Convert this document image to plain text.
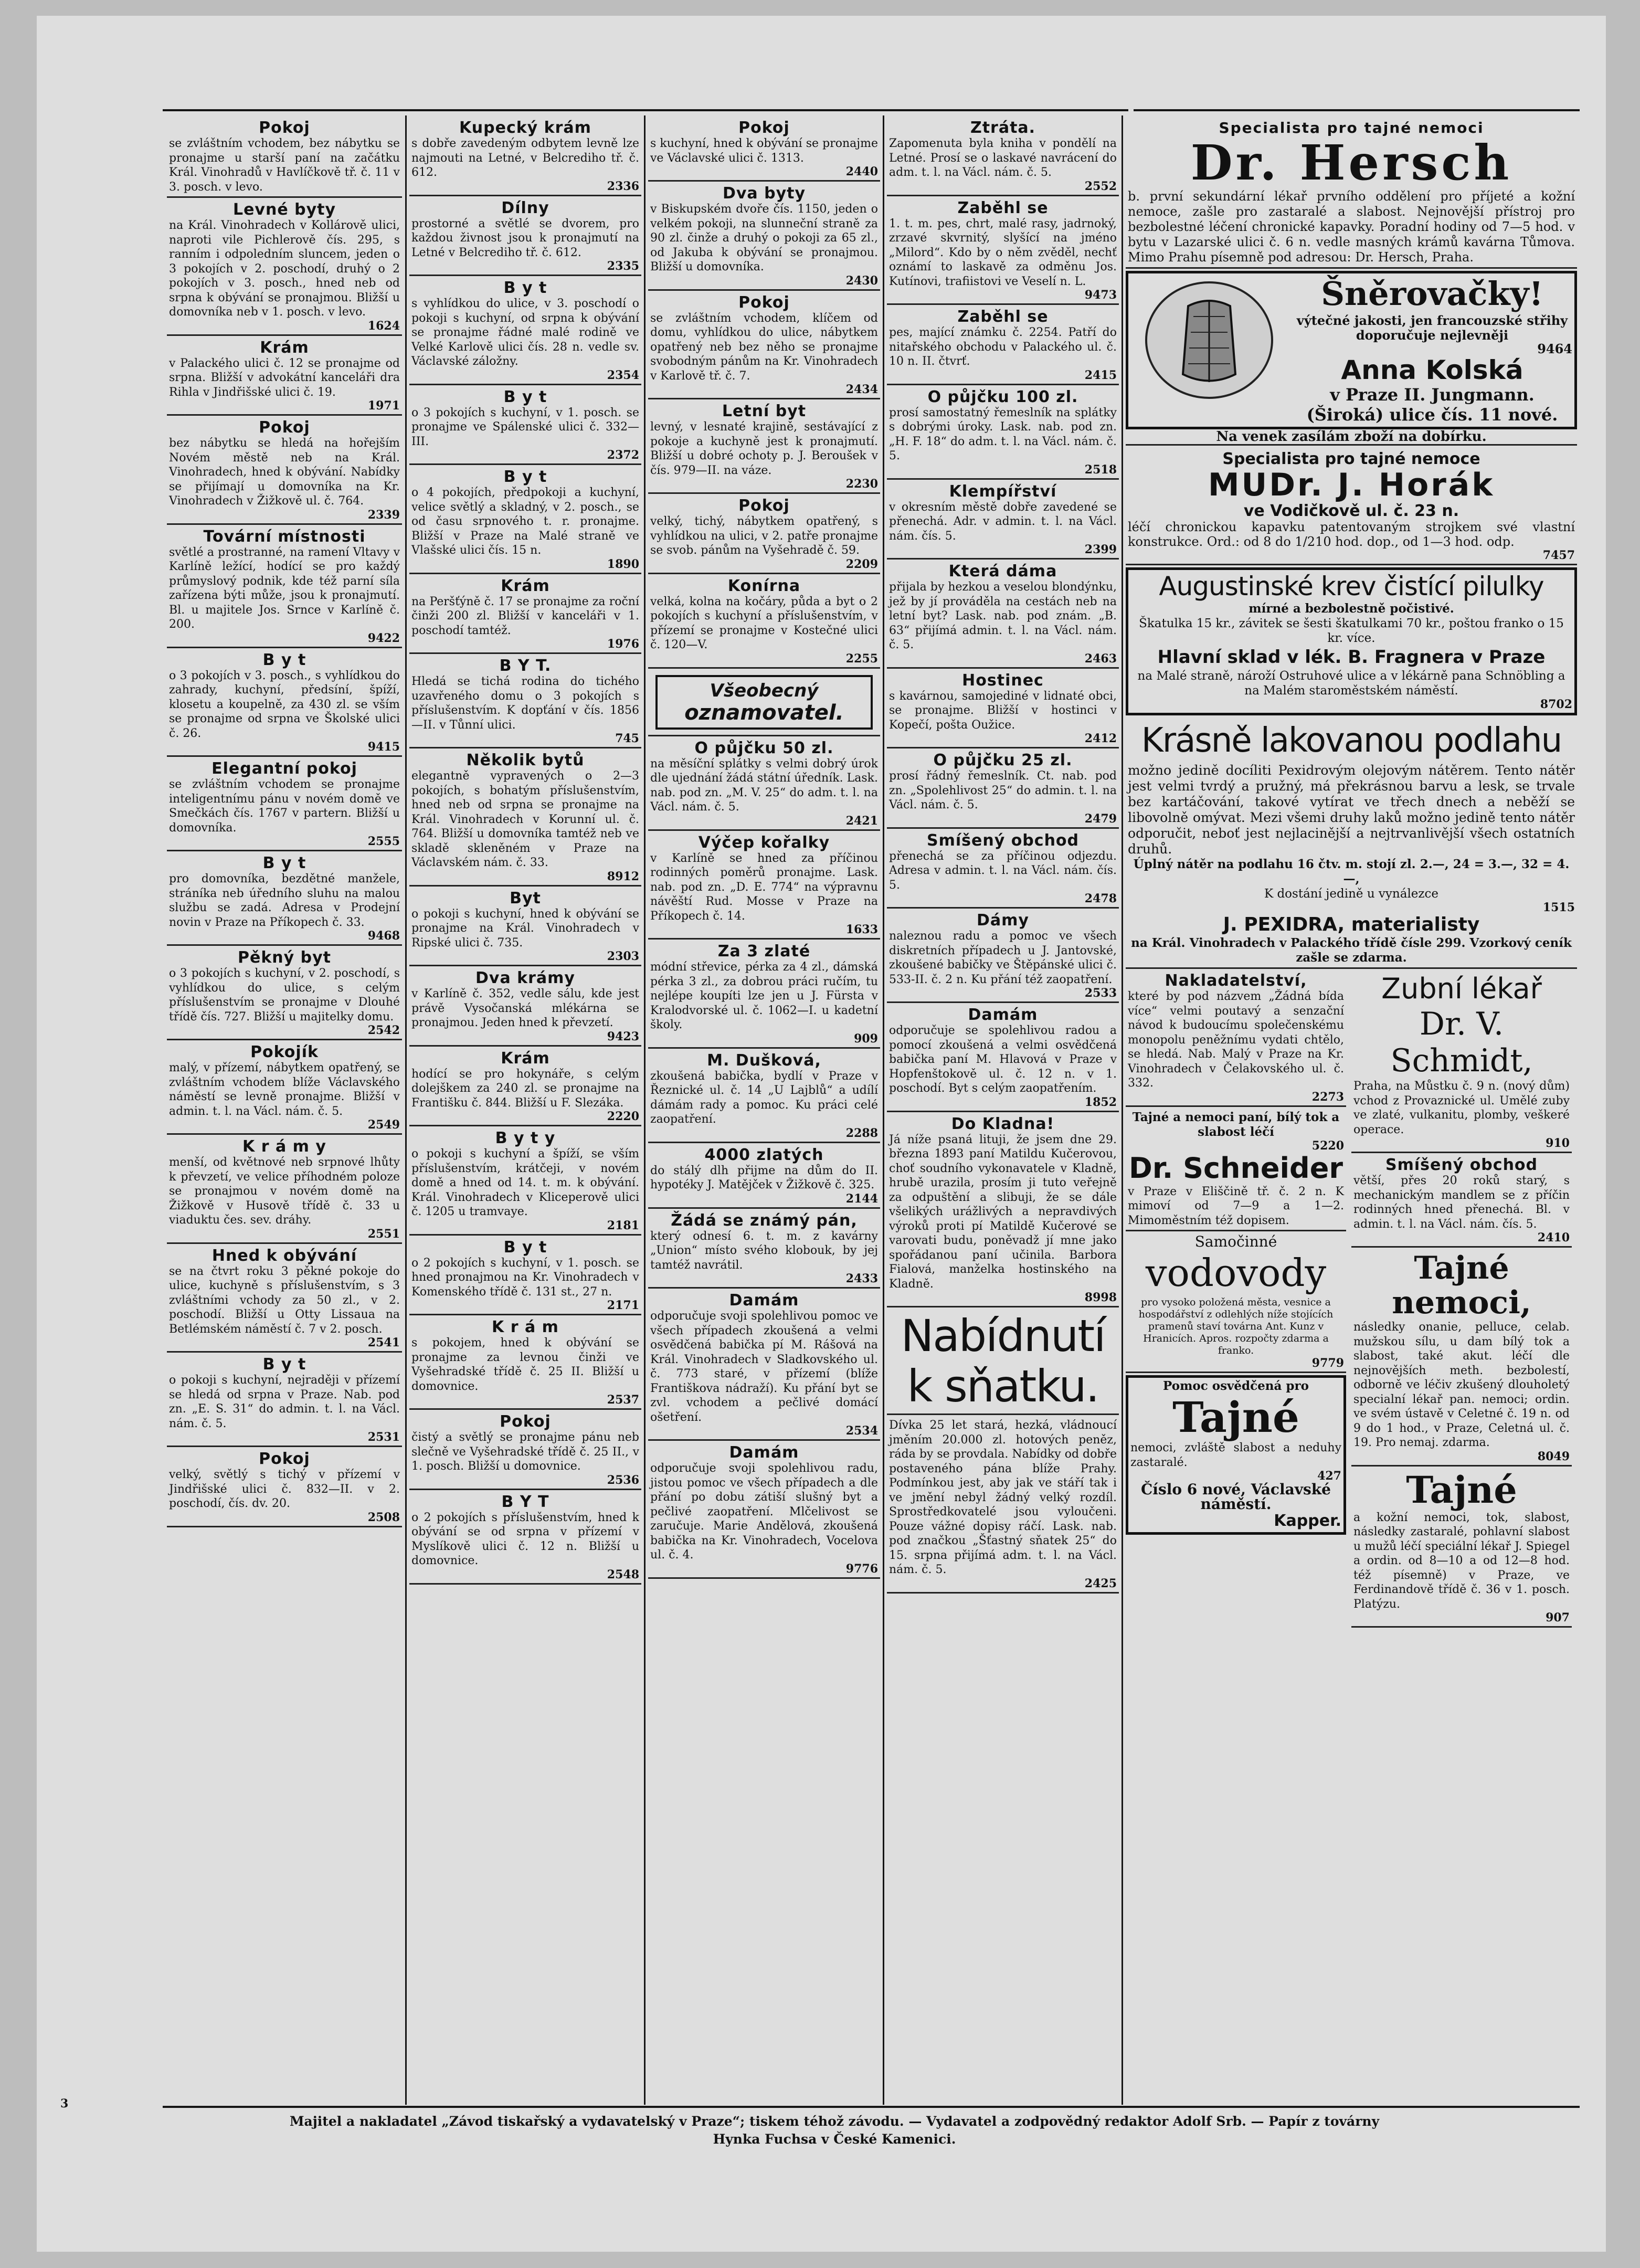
Pokoj

se zvláštním vchodem, bez nábytku se pronajme u starší paní na začátku Král. Vinohradů v Havlíčkově tř. č. 11 v 3. posch. v levo.

Levné byty

na Král. Vinohradech v Kollárově ulici, naproti vile Pichlerově čís. 295, s ranním i odpoledním sluncem, jeden o 3 pokojích v 2. poschodí, druhý o 2 pokojích v 3. posch., hned neb od srpna k obývání se pronajmou. Bližší u domovníka neb v 1. posch. v levo.

1624
Krám

v Palackého ulici č. 12 se pronajme od srpna. Bližší v advokátní kanceláři dra Rihla v Jindřišské ulici č. 19.

1971
Pokoj

bez nábytku se hledá na hořejším Novém městě neb na Král. Vinohradech, hned k obývání. Nabídky se přijímají u domovníka na Kr. Vinohradech v Žižkově ul. č. 764.

2339
Tovární místnosti

světlé a prostranné, na ramení Vltavy v Karlíně ležící, hodící se pro každý průmyslový podnik, kde též parní síla zařízena býti může, jsou k pronajmutí. Bl. u majitele Jos. Srnce v Karlíně č. 200.

9422
B y t

o 3 pokojích v 3. posch., s vyhlídkou do zahrady, kuchyní, předsíní, špíží, klosetu a koupelně, za 430 zl. se vším se pronajme od srpna ve Školské ulici č. 26.

9415
Elegantní pokoj

se zvláštním vchodem se pronajme inteligentnímu pánu v novém domě ve Smečkách čís. 1767 v partern. Bližší u domovníka.

2555
B y t

pro domovníka, bezdětné manžele, stráníka neb úředního sluhu na malou službu se zadá. Adresa v Prodejní novin v Praze na Příkopech č. 33.

9468
Pěkný byt

o 3 pokojích s kuchyní, v 2. poschodí, s vyhlídkou do ulice, s celým příslušenstvím se pronajme v Dlouhé třídě čís. 727. Bližší u majitelky domu.

2542
Pokojík

malý, v přízemí, nábytkem opatřený, se zvláštním vchodem blíže Václavského náměstí se levně pronajme. Bližší v admin. t. l. na Václ. nám. č. 5.

2549
K r á m y

menší, od květnové neb srpnové lhůty k převzetí, ve velice příhodném poloze se pronajmou v novém domě na Žižkově v Husově třídě č. 33 u viaduktu čes. sev. dráhy.

2551
Hned k obývání

se na čtvrt roku 3 pěkné pokoje do ulice, kuchyně s příslušenstvím, s 3 zvláštními vchody za 50 zl., v 2. poschodí. Bližší u Otty Lissaua na Betlémském náměstí č. 7 v 2. posch.

2541
B y t

o pokoji s kuchyní, nejraději v přízemí se hledá od srpna v Praze. Nab. pod zn. „E. S. 31“ do admin. t. l. na Václ. nám. č. 5.

2531
Pokoj

velký, světlý s tichý v přízemí v Jindřišské ulici č. 832—II. v 2. poschodí, čís. dv. 20.

2508
Kupecký krám

s dobře zavedeným odbytem levně lze najmouti na Letné, v Belcrediho tř. č. 612.

2336
Dílny

prostorné a světlé se dvorem, pro každou živnost jsou k pronajmutí na Letné v Belcrediho tř. č. 612.

2335
B y t

s vyhlídkou do ulice, v 3. poschodí o pokoji s kuchyní, od srpna k obývání se pronajme řádné malé rodině ve Velké Karlově ulici čís. 28 n. vedle sv. Václavské záložny.

2354
B y t

o 3 pokojích s kuchyní, v 1. posch. se pronajme ve Spálenské ulici č. 332—III.

2372
B y t

o 4 pokojích, předpokoji a kuchyní, velice světlý a skladný, v 2. posch., se od času srpnového t. r. pronajme. Bližší v Praze na Malé straně ve Vlašské ulici čís. 15 n.

1890
Krám

na Peršťýně č. 17 se pronajme za roční činži 200 zl. Bližší v kanceláři v 1. poschodí tamtéž.

1976
B Y T.

Hledá se tichá rodina do tichého uzavřeného domu o 3 pokojích s příslušenstvím. K dopťání v čís. 1856—II. v Tůnní ulici.

745
Několik bytů

elegantně vypravených o 2—3 pokojích, s bohatým příslušenstvím, hned neb od srpna se pronajme na Král. Vinohradech v Korunní ul. č. 764. Bližší u domovníka tamtéž neb ve skladě skleněném v Praze na Václavském nám. č. 33.

8912
Byt

o pokoji s kuchyní, hned k obývání se pronajme na Král. Vinohradech v Ripské ulici č. 735.

2303
Dva krámy

v Karlíně č. 352, vedle sálu, kde jest právě Vysočanská mlékárna se pronajmou. Jeden hned k převzetí.

9423
Krám

hodící se pro hokynáře, s celým dolejškem za 240 zl. se pronajme na Františku č. 844. Bližší u F. Slezáka.

2220
B y t y

o pokoji s kuchyní a špíží, se vším příslušenstvím, krátčeji, v novém domě a hned od 14. t. m. k obývání. Král. Vinohradech v Kliceperově ulici č. 1205 u tramvaye.

2181
B y t

o 2 pokojích s kuchyní, v 1. posch. se hned pronajmou na Kr. Vinohradech v Komenského třídě č. 131 st., 27 n.

2171
K r á m

s pokojem, hned k obývání se pronajme za levnou činži ve Vyšehradské třídě č. 25 II. Bližší u domovnice.

2537
Pokoj

čistý a světlý se pronajme pánu neb slečně ve Vyšehradské třídě č. 25 II., v 1. posch. Bližší u domovnice.

2536
B Y T

o 2 pokojích s příslušenstvím, hned k obývání se od srpna v přízemí v Myslíkově ulici č. 12 n. Bližší u domovnice.

2548
Pokoj

s kuchyní, hned k obývání se pronajme ve Václavské ulici č. 1313.

2440
Dva byty

v Biskupském dvoře čís. 1150, jeden o velkém pokoji, na slunneční straně za 90 zl. činže a druhý o pokoji za 65 zl., od Jakuba k obývání se pronajmou. Bližší u domovníka.

2430
Pokoj

se zvláštním vchodem, klíčem od domu, vyhlídkou do ulice, nábytkem opatřený neb bez něho se pronajme svobodným pánům na Kr. Vinohradech v Karlově tř. č. 7.

2434
Letní byt

levný, v lesnaté krajině, sestávající z pokoje a kuchyně jest k pronajmutí. Bližší u dobré ochoty p. J. Beroušek v čís. 979—II. na váze.

2230
Pokoj

velký, tichý, nábytkem opatřený, s vyhlídkou na ulici, v 2. patře pronajme se svob. pánům na Vyšehradě č. 59.

2209
Konírna

velká, kolna na kočáry, půda a byt o 2 pokojích s kuchyní a příslušenstvím, v přízemí se pronajme v Kostečné ulici č. 120—V.

2255
Všeobecný
oznamovatel.
O půjčku 50 zl.

na měsíční splátky s velmi dobrý úrok dle ujednání žádá státní úředník. Lask. nab. pod zn. „M. V. 25“ do adm. t. l. na Václ. nám. č. 5.

2421
Výčep kořalky

v Karlíně se hned za příčinou rodinných poměrů pronajme. Lask. nab. pod zn. „D. E. 774“ na výpravnu návěští Rud. Mosse v Praze na Příkopech č. 14.

1633
Za 3 zlaté

módní střevice, pérka za 4 zl., dámská pérka 3 zl., za dobrou práci ručím, tu nejlépe koupíti lze jen u J. Fürsta v Kralodvorské ul. č. 1062—I. u kadetní školy.

909
M. Dušková,

zkoušená babička, bydlí v Praze v Řeznické ul. č. 14 „U Lajblů“ a udílí dámám rady a pomoc. Ku práci celé zaopatření.

2288
4000 zlatých

do stálý dlh přijme na dům do II. hypotéky J. Matějček v Žižkově č. 325.

2144
Žádá se známý pán,

který odnesí 6. t. m. z kavárny „Union“ místo svého klobouk, by jej tamtéž navrátil.

2433
Damám

odporučuje svoji spolehlivou pomoc ve všech případech zkoušená a velmi osvědčená babička pí M. Rášová na Král. Vinohradech v Sladkovského ul. č. 773 staré, v přízemí (blíže Františkova nádraží). Ku přání byt se zvl. vchodem a pečlivé domácí ošetření.

2534
Damám

odporučuje svoji spolehlivou radu, jistou pomoc ve všech případech a dle přání po dobu zátiší slušný byt a pečlivé zaopatření. Mlčelivost se zaručuje. Marie Andělová, zkoušená babička na Kr. Vinohradech, Vocelova ul. č. 4.

9776
Ztráta.

Zapomenuta byla kniha v pondělí na Letné. Prosí se o laskavé navrácení do adm. t. l. na Václ. nám. č. 5.

2552
Zaběhl se

1. t. m. pes, chrt, malé rasy, jadrnoký, zrzavé skvrnitý, slyšící na jméno „Milord“. Kdo by o něm zvěděl, nechť oznámí to laskavě za odměnu Jos. Kutínovi, trafiistovi ve Veselí n. L.

9473
Zaběhl se

pes, mající známku č. 2254. Patří do nitařského obchodu v Palackého ul. č. 10 n. II. čtvrť.

2415
O půjčku 100 zl.

prosí samostatný řemeslník na splátky s dobrými úroky. Lask. nab. pod zn. „H. F. 18“ do adm. t. l. na Václ. nám. č. 5.

2518
Klempířství

v okresním městě dobře zavedené se přenechá. Adr. v admin. t. l. na Václ. nám. čís. 5.

2399
Která dáma

přijala by hezkou a veselou blondýnku, jež by jí prováděla na cestách neb na letní byt? Lask. nab. pod znám. „B. 63“ přijímá admin. t. l. na Václ. nám. č. 5.

2463
Hostinec

s kavárnou, samojediné v lidnaté obci, se pronajme. Bližší v hostinci v Kopečí, pošta Oužice.

2412
O půjčku 25 zl.

prosí řádný řemeslník. Ct. nab. pod zn. „Spolehlivost 25“ do admin. t. l. na Václ. nám. č. 5.

2479
Smíšený obchod

přenechá se za příčinou odjezdu. Adresa v admin. t. l. na Václ. nám. čís. 5.

2478
Dámy

naleznou radu a pomoc ve všech diskretních případech u J. Jantovské, zkoušené babičky ve Štěpánské ulici č. 533-II. č. 2 n. Ku přání též zaopatření.

2533
Damám

odporučuje se spolehlivou radou a pomocí zkoušená a velmi osvědčená babička paní M. Hlavová v Praze v Hopfenštokově ul. č. 12 n. v 1. poschodí. Byt s celým zaopatřením.

1852
Do Kladna!

Já níže psaná lituji, že jsem dne 29. března 1893 paní Matildu Kučerovou, choť soudního vykonavatele v Kladně, hrubě urazila, prosím ji tuto veřejně za odpuštění a slibuji, že se dále všelikých urážlivých a nepravdivých výroků proti pí Matildě Kučerové se varovati budu, poněvadž jí mne jako spořádanou paní učinila. Barbora Fialová, manželka hostinského na Kladně.

8998
Nabídnutí
k sňatku.

Dívka 25 let stará, hezká, vládnoucí jměním 20.000 zl. hotových peněz, ráda by se provdala. Nabídky od dobře postaveného pána blíže Prahy. Podmínkou jest, aby jak ve stáří tak i ve jmění nebyl žádný velký rozdíl. Sprostředkovatelé jsou vyloučeni. Pouze vážné dopisy ráčí. Lask. nab. pod značkou „Šťastný sňatek 25“ do 15. srpna přijímá adm. t. l. na Václ. nám. č. 5.

2425
Specialista pro tajné nemoci
Dr. Hersch

b. první sekundární lékař prvního oddělení pro příjeté a kožní nemoce, zašle pro zastaralé a slabost. Nejnovější přístroj pro bezbolestné léčení chronické kapavky. Poradní hodiny od 7—5 hod. v bytu v Lazarské ulici č. 6 n. vedle masných krámů kavárna Tůmova. Mimo Prahu písemně pod adresou: Dr. Hersch, Praha.

Šněrovačky!
výtečné jakosti, jen francouzské střihy doporučuje nejlevněji
9464
Anna Kolská
v Praze II. Jungmann. (Široká) ulice čís. 11 nové.
Na venek zasílám zboží na dobírku.
Specialista pro tajné nemoce
MUDr. J. Horák
ve Vodičkově ul. č. 23 n.

léčí chronickou kapavku patentovaným strojkem své vlastní konstrukce. Ord.: od 8 do 1/210 hod. dop., od 1—3 hod. odp.

7457
Augustinské krev čistící pilulky
mírné a bezbolestně počistivé.
Škatulka 15 kr., závitek se šesti škatulkami 70 kr., poštou franko o 15 kr. více.
Hlavní sklad v lék. B. Fragnera v Praze
na Malé straně, nároží Ostruhové ulice a v lékárně pana Schnöbling a na Malém staroměstském náměstí.
8702
Krásně lakovanou podlahu

možno jedině docíliti Pexidrovým olejovým nátěrem. Tento nátěr jest velmi tvrdý a pružný, má překrásnou barvu a lesk, se trvale bez kartáčování, takové vytírat ve třech dnech a neběží se libovolně omývat. Mezi všemi druhy laků možno jedině tento nátěr odporučit, neboť jest nejlacinější a nejtrvanlivější všech ostatních druhů.

Úplný nátěr na podlahu 16 čtv. m. stojí zl. 2.—, 24 = 3.—, 32 = 4.—,
K dostání jedině u vynálezce
1515
J. PEXIDRA, materialisty
na Král. Vinohradech v Palackého třídě čísle 299. Vzorkový ceník zašle se zdarma.
Nakladatelství,

které by pod názvem „Žádná bída více“ velmi poutavý a senzační návod k budoucímu společenskému monopolu peněžnímu vydati chtělo, se hledá. Nab. Malý v Praze na Kr. Vinohradech v Čelakovského ul. č. 332.

2273
Tajné a nemoci paní, bílý tok a slabost léčí
5220
Dr. Schneider

v Praze v Eliščině tř. č. 2 n. K mimoví od 7—9 a 1—2. Mimoměstním též dopisem.

Samočinné
vodovody
pro vysoko položená města, vesnice a hospodářství z odlehlých níže stojících pramenů staví továrna Ant. Kunz v Hranicích. Apros. rozpočty zdarma a franko.
9779
Pomoc osvědčená pro
Tajné

nemoci, zvláště slabost a neduhy zastaralé.

427
Číslo 6 nové, Václavské náměstí.
Kapper.
Zubní lékař
Dr. V. Schmidt,

Praha, na Můstku č. 9 n. (nový dům) vchod z Provaznické ul. Umělé zuby ve zlaté, vulkanitu, plomby, veškeré operace.

910
Smíšený obchod

větší, přes 20 roků starý, s mechanickým mandlem se z příčin rodinných hned přenechá. Bl. v admin. t. l. na Václ. nám. čís. 5.

2410
Tajné nemoci,

následky onanie, pelluce, celab. mužskou sílu, u dam bílý tok a slabost, také akut. léčí dle nejnovějších meth. bezbolestí, odborně ve léčiv zkušený dlouholetý specialní lékař pan. nemoci; ordin. ve svém ústavě v Celetné č. 19 n. od 9 do 1 hod., v Praze, Celetná ul. č. 19. Pro nemaj. zdarma.

8049
Tajné

a kožní nemoci, tok, slabost, následky zastaralé, pohlavní slabost u mužů léčí speciální lékař J. Spiegel a ordin. od 8—10 a od 12—8 hod. též písemně) v Praze, ve Ferdinandově třídě č. 36 v 1. posch. Platýzu.

907
Majitel a nakladatel „Závod tiskařský a vydavatelský v Praze“; tiskem téhož závodu. — Vydavatel a zodpovědný redaktor Adolf Srb. — Papír z továrny
Hynka Fuchsa v České Kamenici.
3
